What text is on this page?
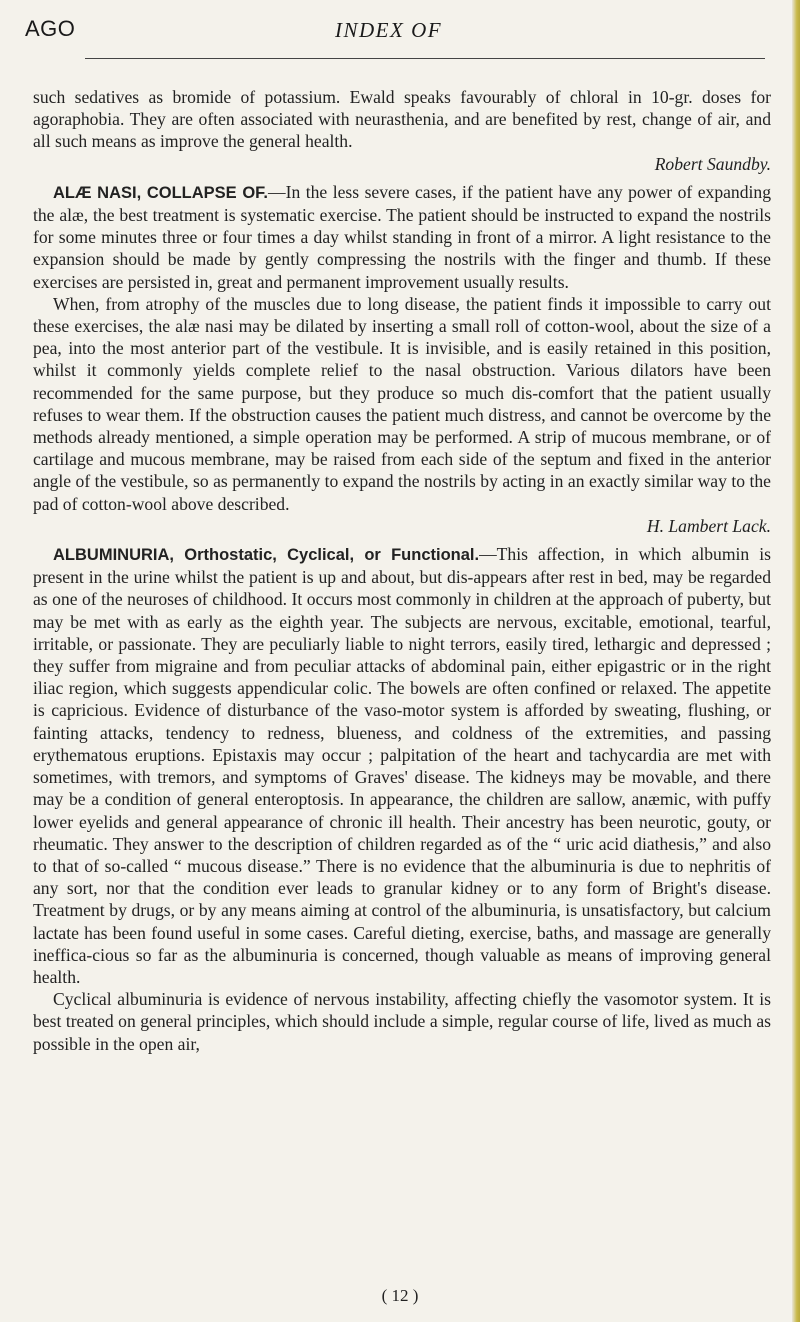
AGO	INDEX OF

such sedatives as bromide of potassium. Ewald speaks favourably of chloral in 10-gr. doses for agoraphobia. They are often associated with neurasthenia, and are benefited by rest, change of air, and all such means as improve the general health.

Robert Saundby.

ALÆ NASI, COLLAPSE OF.—In the less severe cases, if the patient have any power of expanding the alæ, the best treatment is systematic exercise. The patient should be instructed to expand the nostrils for some minutes three or four times a day whilst standing in front of a mirror. A light resistance to the expansion should be made by gently compressing the nostrils with the finger and thumb. If these exercises are persisted in, great and permanent improvement usually results.

When, from atrophy of the muscles due to long disease, the patient finds it impossible to carry out these exercises, the alæ nasi may be dilated by inserting a small roll of cotton-wool, about the size of a pea, into the most anterior part of the vestibule. It is invisible, and is easily retained in this position, whilst it commonly yields complete relief to the nasal obstruction. Various dilators have been recommended for the same purpose, but they produce so much dis-comfort that the patient usually refuses to wear them. If the obstruction causes the patient much distress, and cannot be overcome by the methods already mentioned, a simple operation may be performed. A strip of mucous membrane, or of cartilage and mucous membrane, may be raised from each side of the septum and fixed in the anterior angle of the vestibule, so as permanently to expand the nostrils by acting in an exactly similar way to the pad of cotton-wool above described.

H. Lambert Lack.

ALBUMINURIA, Orthostatic, Cyclical, or Functional.—This affection, in which albumin is present in the urine whilst the patient is up and about, but dis-appears after rest in bed, may be regarded as one of the neuroses of childhood. It occurs most commonly in children at the approach of puberty, but may be met with as early as the eighth year. The subjects are nervous, excitable, emotional, tearful, irritable, or passionate. They are peculiarly liable to night terrors, easily tired, lethargic and depressed ; they suffer from migraine and from peculiar attacks of abdominal pain, either epigastric or in the right iliac region, which suggests appendicular colic. The bowels are often confined or relaxed. The appetite is capricious. Evidence of disturbance of the vaso-motor system is afforded by sweating, flushing, or fainting attacks, tendency to redness, blueness, and coldness of the extremities, and passing erythematous eruptions. Epistaxis may occur ; palpitation of the heart and tachycardia are met with sometimes, with tremors, and symptoms of Graves' disease. The kidneys may be movable, and there may be a condition of general enteroptosis. In appearance, the children are sallow, anæmic, with puffy lower eyelids and general appearance of chronic ill health. Their ancestry has been neurotic, gouty, or rheumatic. They answer to the description of children regarded as of the “ uric acid diathesis,” and also to that of so-called “ mucous disease.” There is no evidence that the albuminuria is due to nephritis of any sort, nor that the condition ever leads to granular kidney or to any form of Bright's disease. Treatment by drugs, or by any means aiming at control of the albuminuria, is unsatisfactory, but calcium lactate has been found useful in some cases. Careful dieting, exercise, baths, and massage are generally ineffica-cious so far as the albuminuria is concerned, though valuable as means of improving general health.

Cyclical albuminuria is evidence of nervous instability, affecting chiefly the vasomotor system. It is best treated on general principles, which should include a simple, regular course of life, lived as much as possible in the open air,

( 12 )
